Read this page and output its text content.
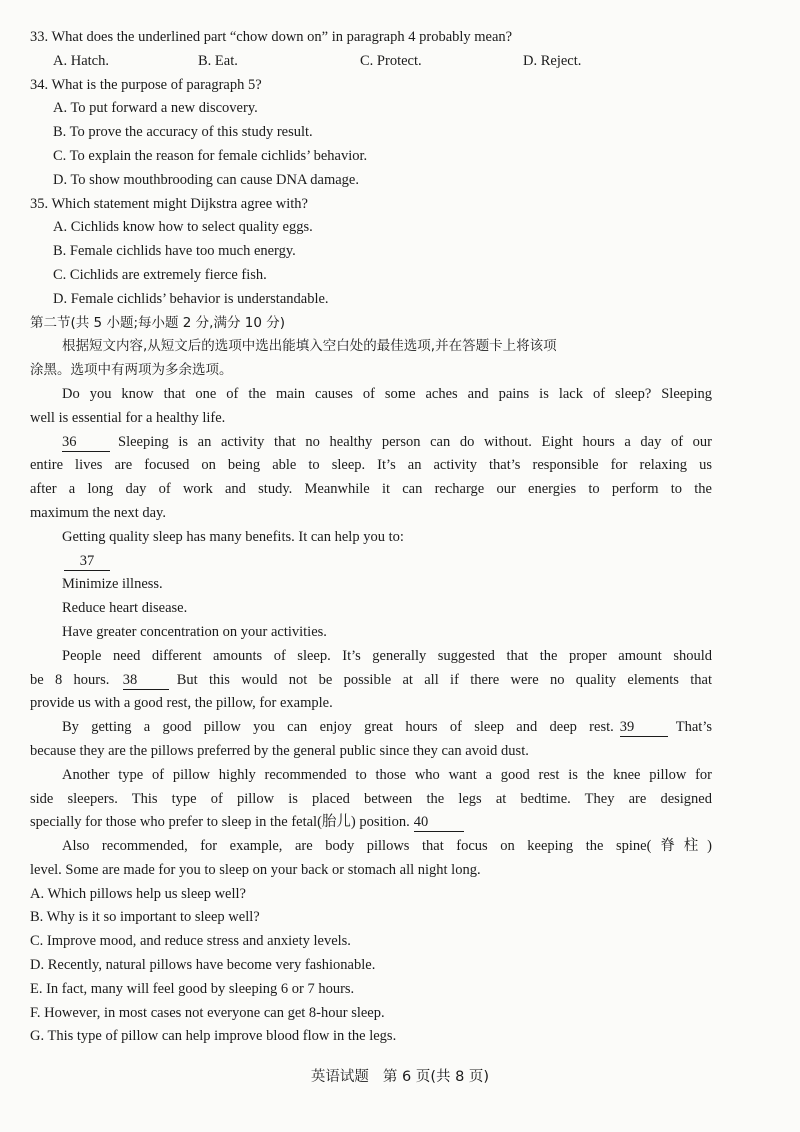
33. What does the underlined part “chow down on” in paragraph 4 probably mean?
A. Hatch.	B. Eat.	C. Protect.	D. Reject.
34. What is the purpose of paragraph 5?
A. To put forward a new discovery.
B. To prove the accuracy of this study result.
C. To explain the reason for female cichlids’ behavior.
D. To show mouthbrooding can cause DNA damage.
35. Which statement might Dijkstra agree with?
A. Cichlids know how to select quality eggs.
B. Female cichlids have too much energy.
C. Cichlids are extremely fierce fish.
D. Female cichlids’ behavior is understandable.
第二节(共 5 小题;每小题 2 分,满分 10 分)
根据短文内容,从短文后的选项中选出能填入空白处的最佳选项,并在答题卡上将该项
涂黑。选项中有两项为多余选项。
Do you know that one of the main causes of some aches and pains is lack of sleep? Sleeping
well is essential for a healthy life.
36	Sleeping is an activity that no healthy person can do without. Eight hours a day of our
entire lives are focused on being able to sleep. It’s an activity that’s responsible for relaxing us
after a long day of work and study. Meanwhile it can recharge our energies to perform to the
maximum the next day.
Getting quality sleep has many benefits. It can help you to:
37
Minimize illness.
Reduce heart disease.
Have greater concentration on your activities.
People need different amounts of sleep. It’s generally suggested that the proper amount should
be 8 hours. 38	But this would not be possible at all if there were no quality elements that
provide us with a good rest, the pillow, for example.
By getting a good pillow you can enjoy great hours of sleep and deep rest. 39	That’s
because they are the pillows preferred by the general public since they can avoid dust.
Another type of pillow highly recommended to those who want a good rest is the knee pillow for
side sleepers. This type of pillow is placed between the legs at bedtime. They are designed
specially for those who prefer to sleep in the fetal(胎儿) position. 40
Also recommended, for example, are body pillows that focus on keeping the spine(脊柱)
level. Some are made for you to sleep on your back or stomach all night long.
A. Which pillows help us sleep well?
B. Why is it so important to sleep well?
C. Improve mood, and reduce stress and anxiety levels.
D. Recently, natural pillows have become very fashionable.
E. In fact, many will feel good by sleeping 6 or 7 hours.
F. However, in most cases not everyone can get 8-hour sleep.
G. This type of pillow can help improve blood flow in the legs.
英语试题 第 6 页(共 8 页)
